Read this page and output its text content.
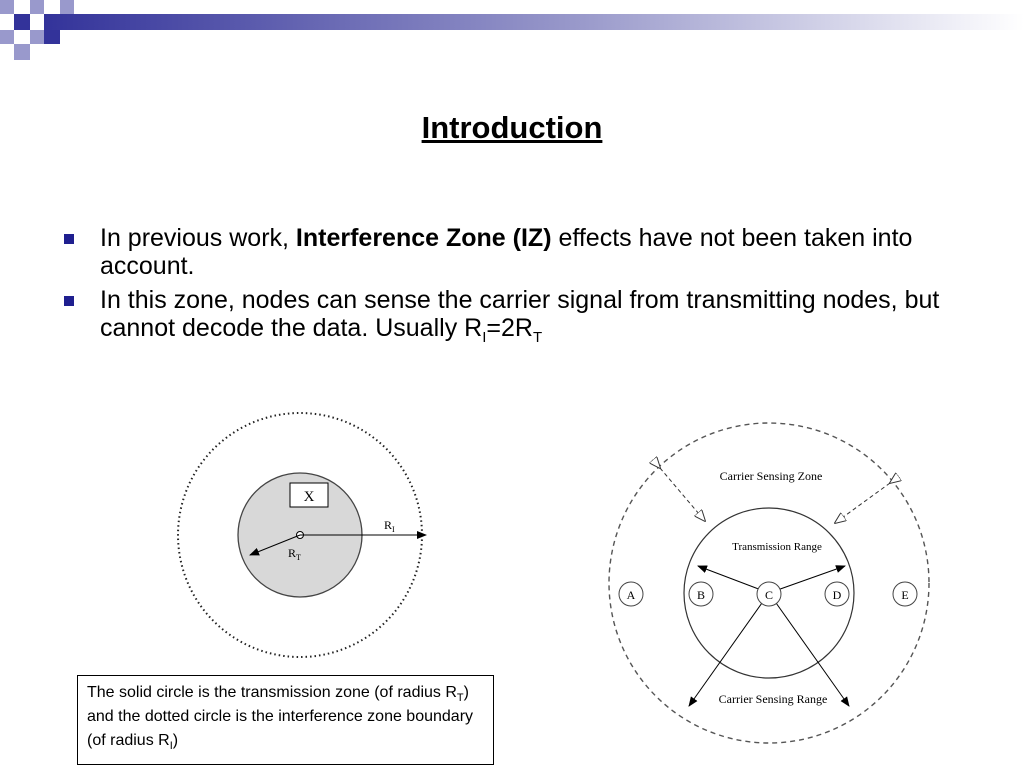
Introduction
In previous work, Interference Zone (IZ) effects have not been taken into account.
In this zone, nodes can sense the carrier signal from transmitting nodes, but cannot decode the data. Usually $R_I=2R_T$
X
$R_I$
$R_T$
Carrier Sensing Zone
Transmission Range
Carrier Sensing Range
A	B	C	D	E
The solid circle is the transmission zone (of radius $R_T$) and the dotted circle is the interference zone boundary (of radius $R_I$)
